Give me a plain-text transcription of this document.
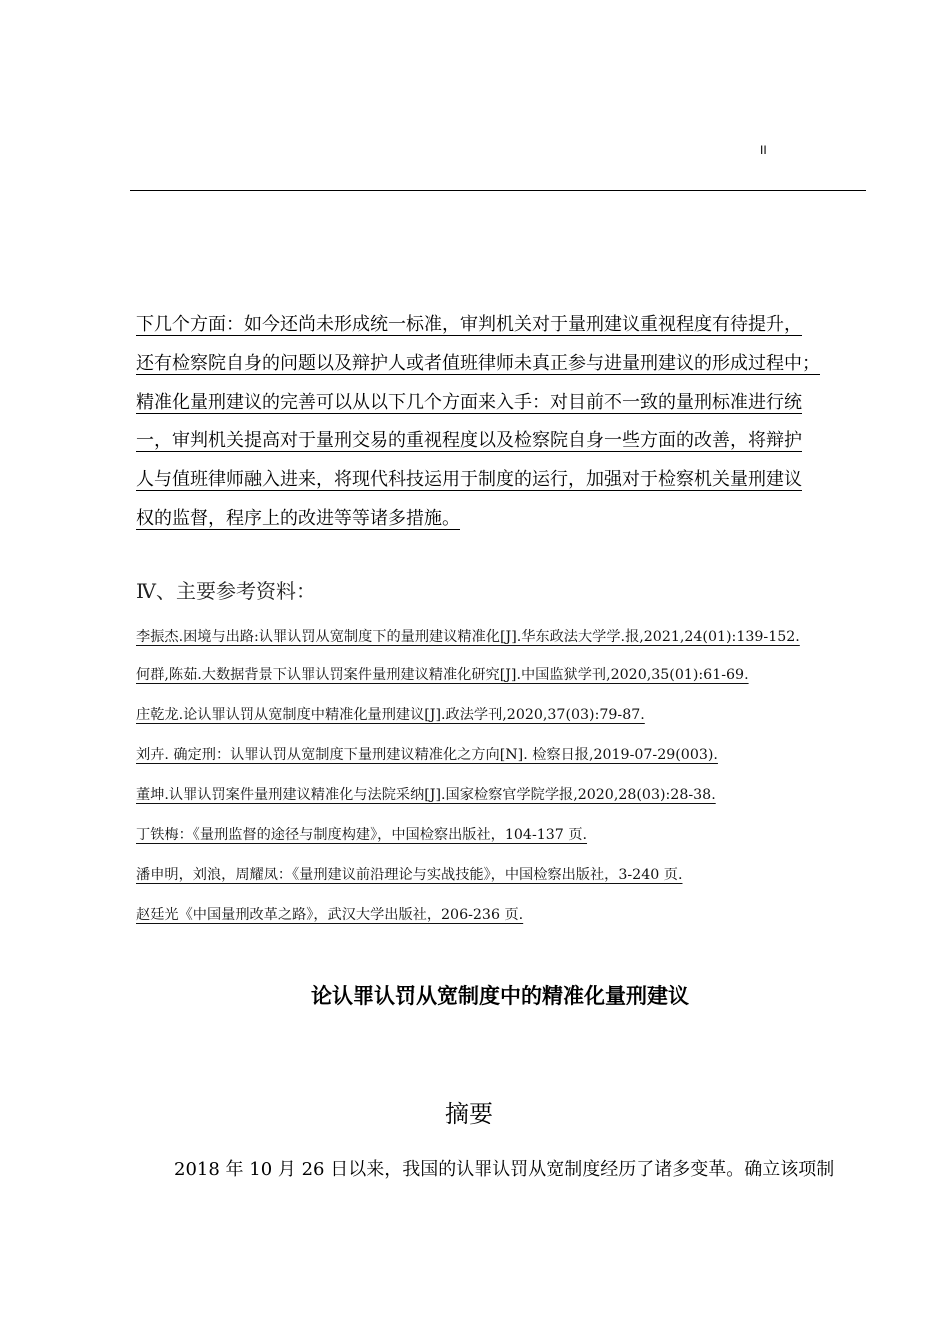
II
下几个方面：如今还尚未形成统一标准，审判机关对于量刑建议重视程度有待提升，
还有检察院自身的问题以及辩护人或者值班律师未真正参与进量刑建议的形成过程中；
精准化量刑建议的完善可以从以下几个方面来入手：对目前不一致的量刑标准进行统
一，审判机关提高对于量刑交易的重视程度以及检察院自身一些方面的改善，将辩护
人与值班律师融入进来，将现代科技运用于制度的运行，加强对于检察机关量刑建议
权的监督，程序上的改进等等诸多措施。
Ⅳ、主要参考资料：
李振杰.困境与出路:认罪认罚从宽制度下的量刑建议精准化[J].华东政法大学学.报,2021,24(01):139-152.
何群,陈茹.大数据背景下认罪认罚案件量刑建议精准化研究[J].中国监狱学刊,2020,35(01):61-69.
庄乾龙.论认罪认罚从宽制度中精准化量刑建议[J].政法学刊,2020,37(03):79-87.
刘卉. 确定刑：认罪认罚从宽制度下量刑建议精准化之方向[N]. 检察日报,2019-07-29(003).
董坤.认罪认罚案件量刑建议精准化与法院采纳[J].国家检察官学院学报,2020,28(03):28-38.
丁铁梅：《量刑监督的途径与制度构建》，中国检察出版社，104-137 页.
潘申明，刘浪，周耀凤：《量刑建议前沿理论与实战技能》，中国检察出版社，3-240 页.
赵廷光《中国量刑改革之路》，武汉大学出版社，206-236 页.
论认罪认罚从宽制度中的精准化量刑建议
摘要
2018 年 10 月 26 日以来，我国的认罪认罚从宽制度经历了诸多变革。确立该项制
